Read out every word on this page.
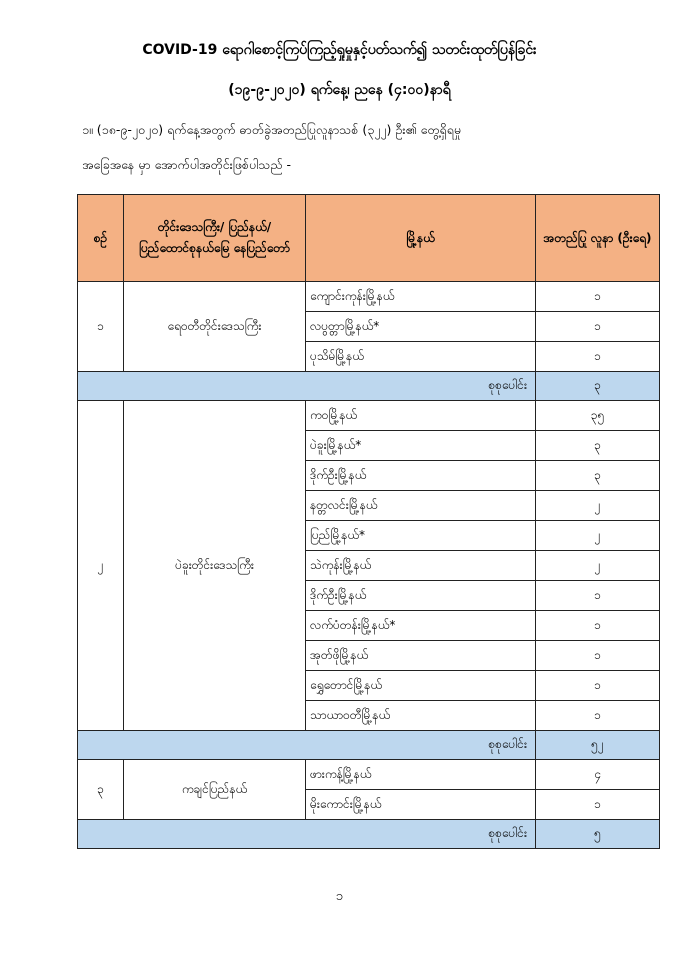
COVID-19 ရောဂါစောင့်ကြပ်ကြည့်ရှုမှုနှင့်ပတ်သက်၍ သတင်းထုတ်ပြန်ခြင်း
(၁၉-၉-၂၀၂၀) ရက်နေ့၊ ညနေ (၄:၀၀)နာရီ
၁။ (၁၈-၉-၂၀၂၀) ရက်နေ့အတွက် ဓာတ်ခွဲအတည်ပြုလူနာသစ် (၃၂၂) ဦး၏ တွေ့ရှိရမှု
အခြေအနေ မှာ အောက်ပါအတိုင်းဖြစ်ပါသည် -
စဉ်	တိုင်းဒေသကြီး/ ပြည်နယ်/ ပြည်ထောင်စုနယ်မြေ နေပြည်တော်	မြို့နယ်	အတည်ပြု လူနာ (ဦးရေ)
၁	ရေဝတီတိုင်းဒေသကြီး	ကျောင်းကုန်းမြို့နယ်	၁
		လပွတ္တာမြို့နယ်*	၁
		ပုသိမ်မြို့နယ်	၁
စုစုပေါင်း			၃
၂	ပဲခူးတိုင်းဒေသကြီး	ကဝမြို့နယ်	၃၅
		ပဲခူးမြို့နယ်*	၃
		ဒိုက်ဦးမြို့နယ်	၃
		နတ္တလင်းမြို့နယ်	၂
		ပြည်မြို့နယ်*	၂
		သဲကုန်းမြို့နယ်	၂
		ဒိုက်ဦးမြို့နယ်	၁
		လက်ပံတန်းမြို့နယ်*	၁
		အုတ်ဖိုမြို့နယ်	၁
		ရွှေတောင်မြို့နယ်	၁
		သာယာဝတီမြို့နယ်	၁
စုစုပေါင်း			၅၂
၃	ကချင်ပြည်နယ်	ဖားကန့်မြို့နယ်	၄
		မိုးကောင်းမြို့နယ်	၁
စုစုပေါင်း			၅
၁
